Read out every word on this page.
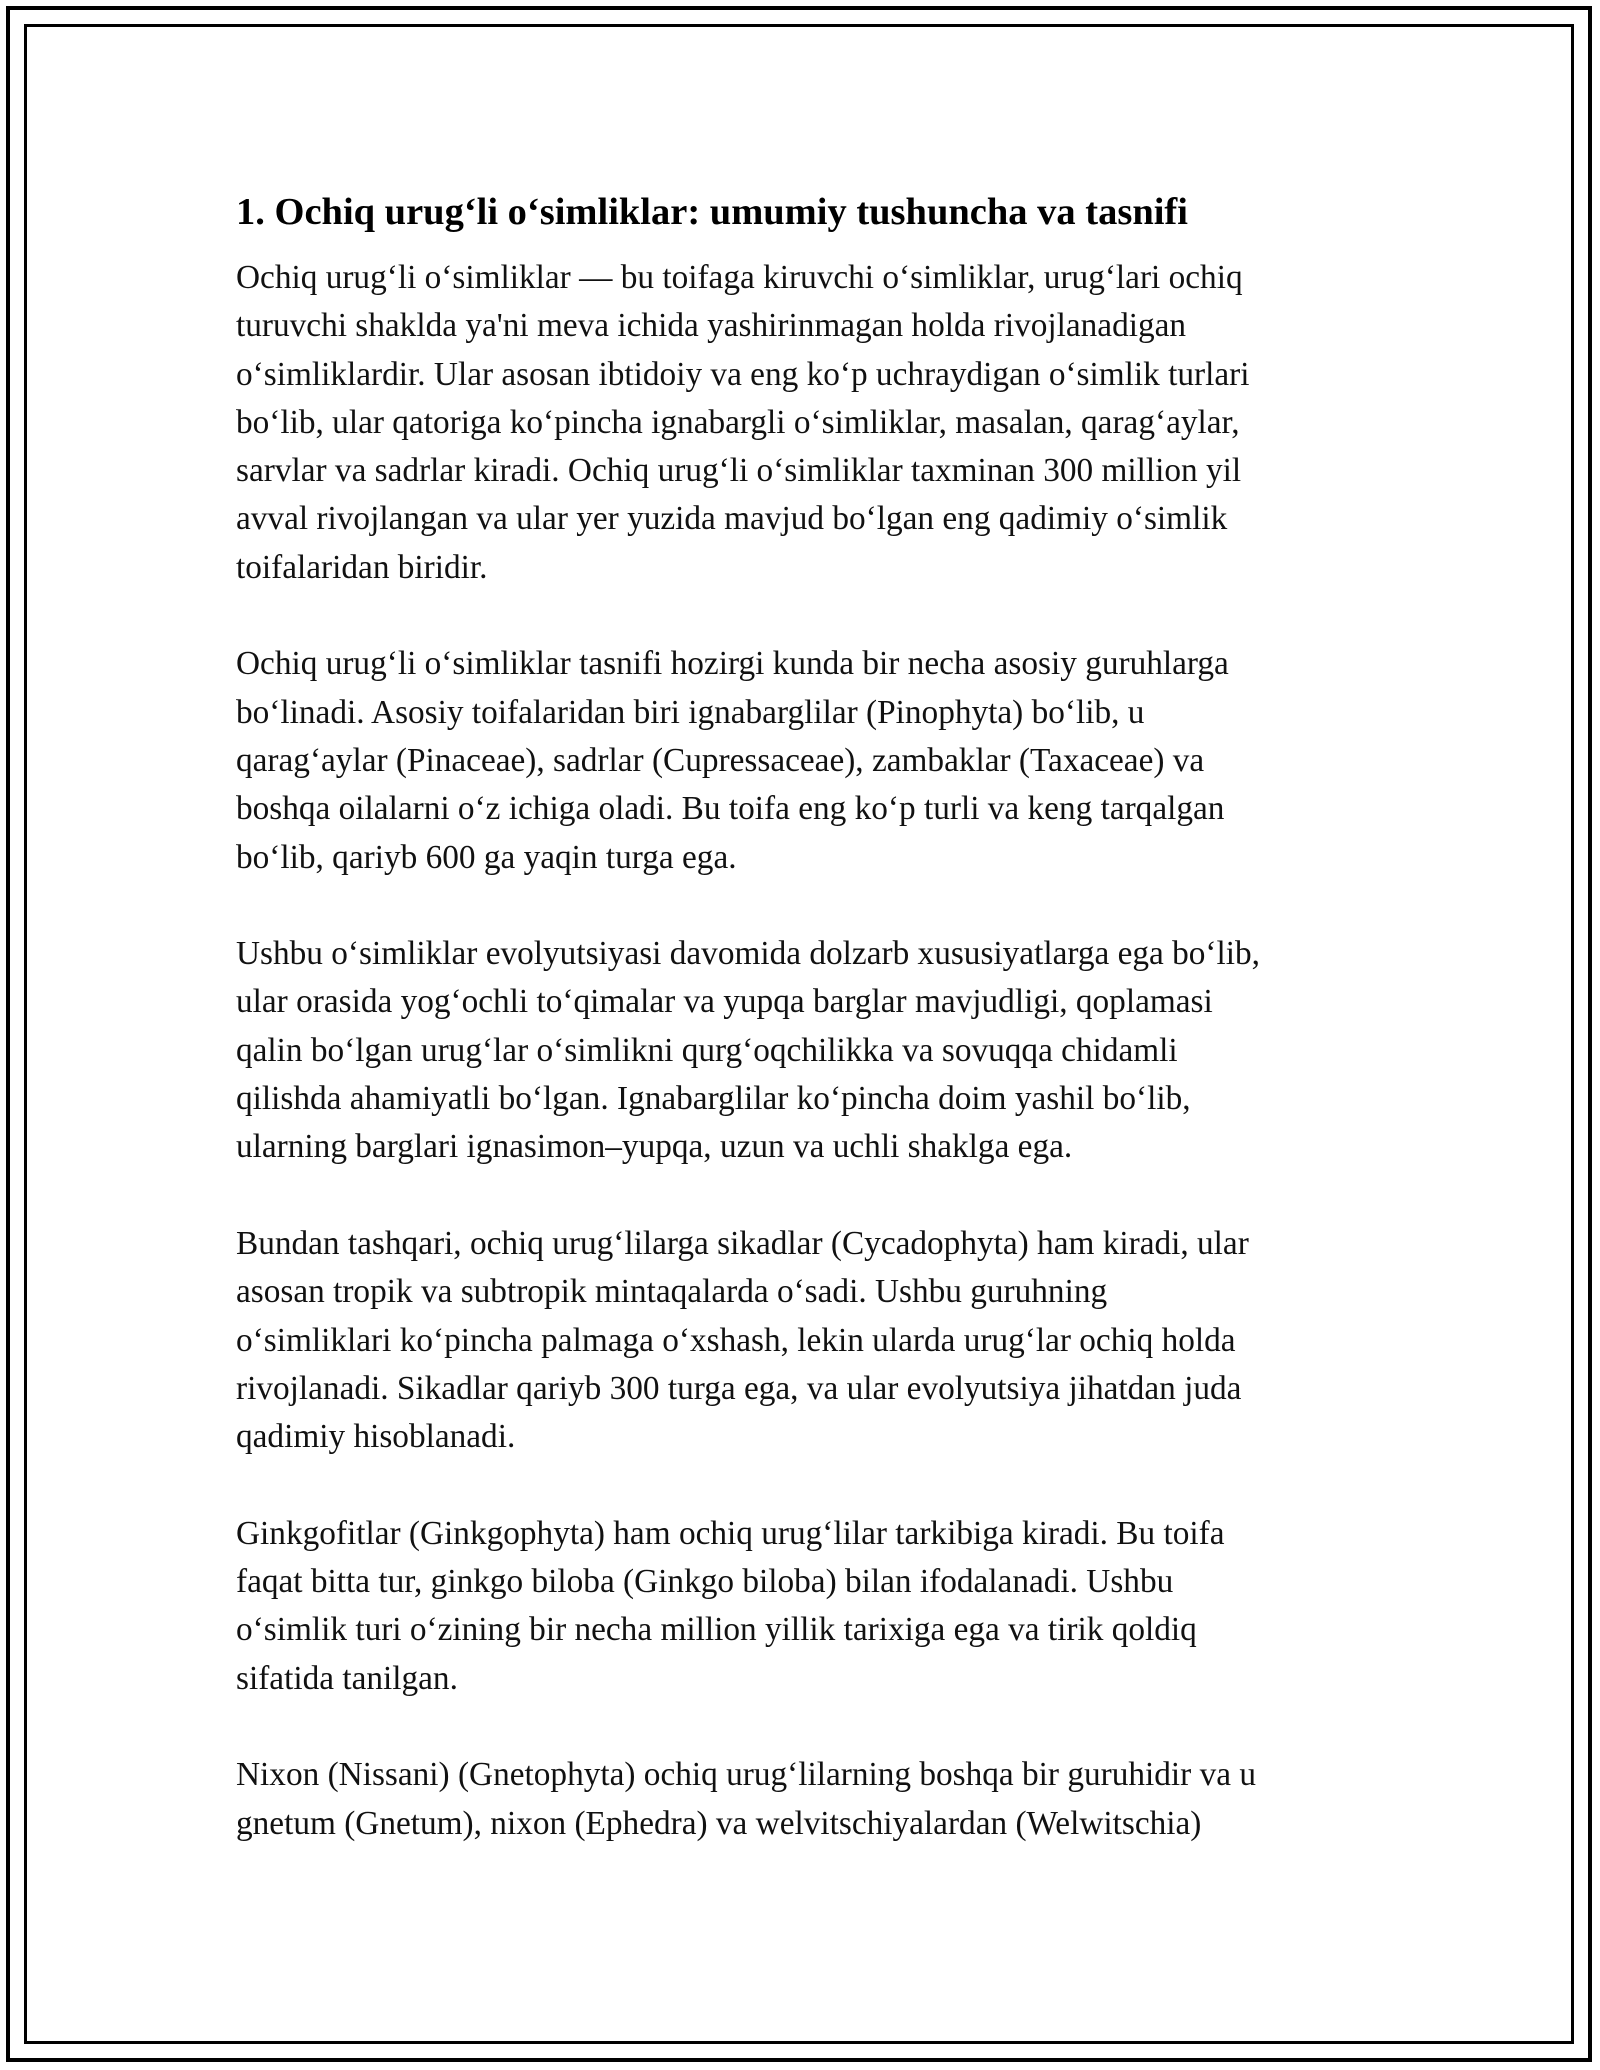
1. Ochiq urug‘li o‘simliklar: umumiy tushuncha va tasnifi

Ochiq urug‘li o‘simliklar — bu toifaga kiruvchi o‘simliklar, urug‘lari ochiq
turuvchi shaklda ya'ni meva ichida yashirinmagan holda rivojlanadigan
o‘simliklardir. Ular asosan ibtidoiy va eng ko‘p uchraydigan o‘simlik turlari
bo‘lib, ular qatoriga ko‘pincha ignabargli o‘simliklar, masalan, qarag‘aylar,
sarvlar va sadrlar kiradi. Ochiq urug‘li o‘simliklar taxminan 300 million yil
avval rivojlangan va ular yer yuzida mavjud bo‘lgan eng qadimiy o‘simlik
toifalaridan biridir.

Ochiq urug‘li o‘simliklar tasnifi hozirgi kunda bir necha asosiy guruhlarga
bo‘linadi. Asosiy toifalaridan biri ignabarglilar (Pinophyta) bo‘lib, u
qarag‘aylar (Pinaceae), sadrlar (Cupressaceae), zambaklar (Taxaceae) va
boshqa oilalarni o‘z ichiga oladi. Bu toifa eng ko‘p turli va keng tarqalgan
bo‘lib, qariyb 600 ga yaqin turga ega.

Ushbu o‘simliklar evolyutsiyasi davomida dolzarb xususiyatlarga ega bo‘lib,
ular orasida yog‘ochli to‘qimalar va yupqa barglar mavjudligi, qoplamasi
qalin bo‘lgan urug‘lar o‘simlikni qurg‘oqchilikka va sovuqqa chidamli
qilishda ahamiyatli bo‘lgan. Ignabarglilar ko‘pincha doim yashil bo‘lib,
ularning barglari ignasimon–yupqa, uzun va uchli shaklga ega.

Bundan tashqari, ochiq urug‘lilarga sikadlar (Cycadophyta) ham kiradi, ular
asosan tropik va subtropik mintaqalarda o‘sadi. Ushbu guruhning
o‘simliklari ko‘pincha palmaga o‘xshash, lekin ularda urug‘lar ochiq holda
rivojlanadi. Sikadlar qariyb 300 turga ega, va ular evolyutsiya jihatdan juda
qadimiy hisoblanadi.

Ginkgofitlar (Ginkgophyta) ham ochiq urug‘lilar tarkibiga kiradi. Bu toifa
faqat bitta tur, ginkgo biloba (Ginkgo biloba) bilan ifodalanadi. Ushbu
o‘simlik turi o‘zining bir necha million yillik tarixiga ega va tirik qoldiq
sifatida tanilgan.

Nixon (Nissani) (Gnetophyta) ochiq urug‘lilarning boshqa bir guruhidir va u
gnetum (Gnetum), nixon (Ephedra) va welvitschiyalardan (Welwitschia)
